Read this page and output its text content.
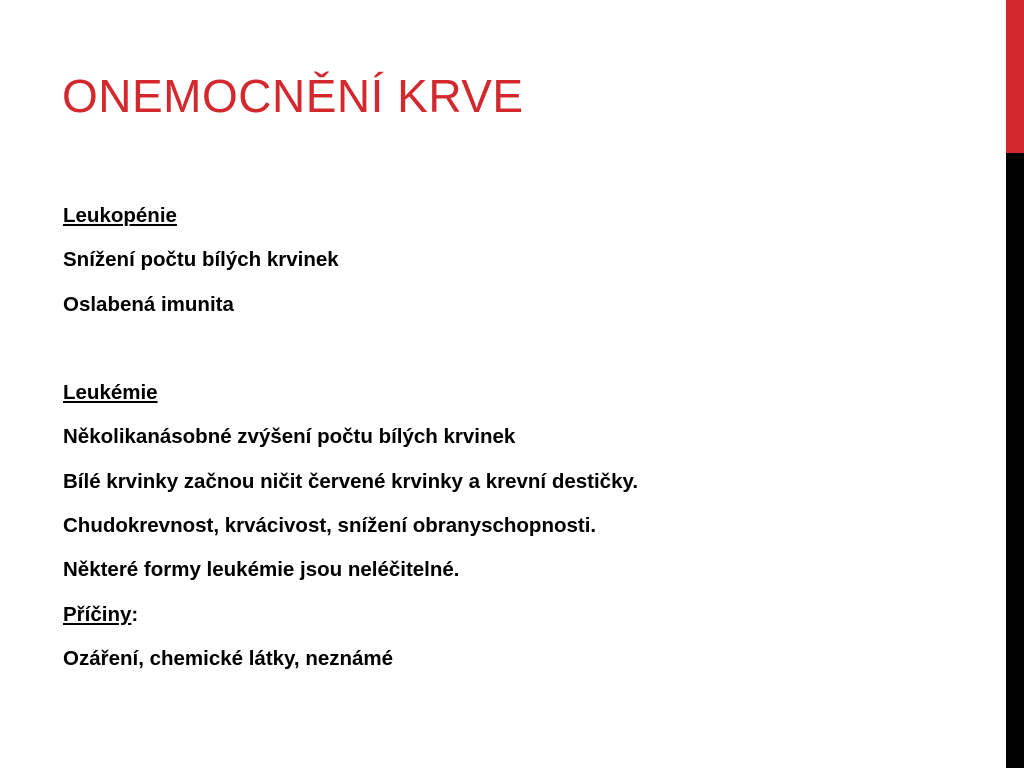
ONEMOCNĚNÍ KRVE
Leukopénie
Snížení počtu bílých krvinek
Oslabená imunita
Leukémie
Několikanásobné zvýšení počtu bílých krvinek
Bílé krvinky začnou ničit červené krvinky a krevní destičky.
Chudokrevnost, krvácivost, snížení obranyschopnosti.
Některé formy leukémie jsou neléčitelné.
Příčiny:
Ozáření, chemické látky, neznámé
